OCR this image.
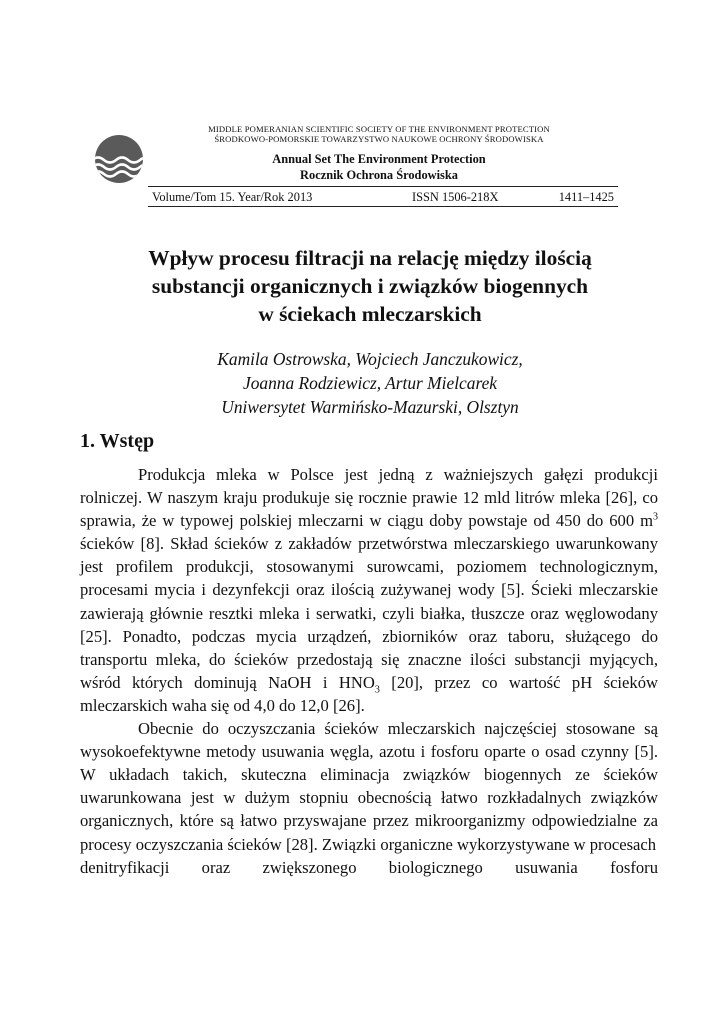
MIDDLE POMERANIAN SCIENTIFIC SOCIETY OF THE ENVIRONMENT PROTECTION
ŚRODKOWO-POMORSKIE TOWARZYSTWO NAUKOWE OCHRONY ŚRODOWISKA
Annual Set The Environment Protection
Rocznik Ochrona Środowiska
Volume/Tom 15. Year/Rok 2013	ISSN 1506-218X	1411–1425
Wpływ procesu filtracji na relację między ilością
substancji organicznych i związków biogennych
w ściekach mleczarskich
Kamila Ostrowska, Wojciech Janczukowicz,
Joanna Rodziewicz, Artur Mielcarek
Uniwersytet Warmińsko-Mazurski, Olsztyn
1. Wstęp

Produkcja mleka w Polsce jest jedną z ważniejszych gałęzi produkcji rolniczej. W naszym kraju produkuje się rocznie prawie 12 mld litrów mleka [26], co sprawia, że w typowej polskiej mleczarni w ciągu doby powstaje od 450 do 600 $m^3$ ścieków [8]. Skład ścieków z zakładów przetwórstwa mleczarskiego uwarunkowany jest profilem produkcji, stosowanymi surowcami, poziomem technologicznym, procesami mycia i dezynfekcji oraz ilością zużywanej wody [5]. Ścieki mleczarskie zawierają głównie resztki mleka i serwatki, czyli białka, tłuszcze oraz węglowodany [25]. Ponadto, podczas mycia urządzeń, zbiorników oraz taboru, służącego do transportu mleka, do ścieków przedostają się znaczne ilości substancji myjących, wśród których dominują NaOH i $HNO_3$ [20], przez co wartość pH ścieków mleczarskich waha się od 4,0 do 12,0 [26].

Obecnie do oczyszczania ścieków mleczarskich najczęściej stosowane są wysokoefektywne metody usuwania węgla, azotu i fosforu oparte o osad czynny [5]. W układach takich, skuteczna eliminacja związków biogennych ze ścieków uwarunkowana jest w dużym stopniu obecnością łatwo rozkładalnych związków organicznych, które są łatwo przyswajane przez mikroorganizmy odpowiedzialne za procesy oczyszczania ścieków [28]. Związki organiczne wykorzystywane w procesach
denitryfikacji oraz zwiększonego biologicznego usuwania fosforu
